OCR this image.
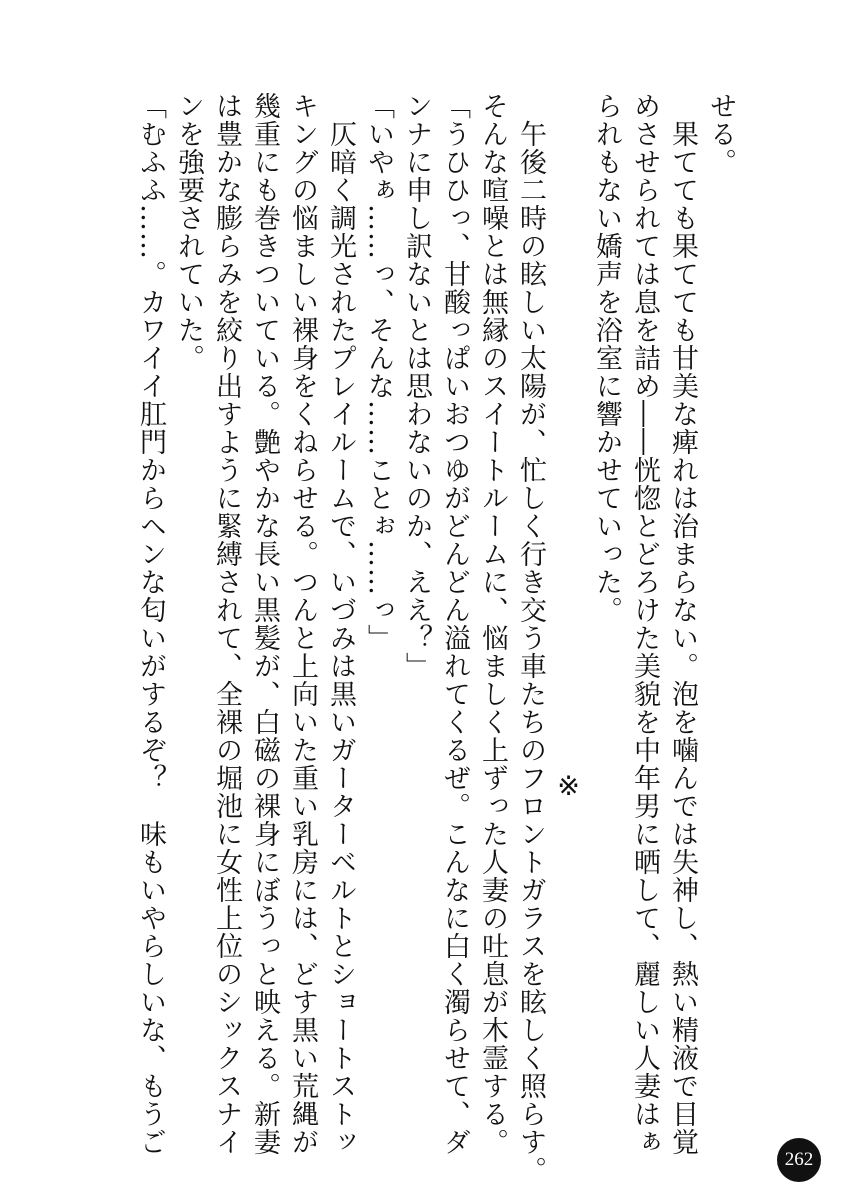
せる。
　果てても果てても甘美な痺れは治まらない。泡を噛んでは失神し、熱い精液で目覚
めさせられては息を詰め――恍惚とどろけた美貌を中年男に晒して、麗しい人妻はぁ
られもない嬌声を浴室に響かせていった。
※
　午後二時の眩しい太陽が、忙しく行き交う車たちのフロントガラスを眩しく照らす。
そんな喧噪とは無縁のスイートルームに、悩ましく上ずった人妻の吐息が木霊する。
「うひひっ、甘酸っぱいおつゆがどんどん溢れてくるぜ。こんなに白く濁らせて、ダ
ンナに申し訳ないとは思わないのか、ええ？」
「いやぁ……っ、そんな……ことぉ……っ」
　仄暗く調光されたプレイルームで、いづみは黒いガーターベルトとショートストッ
キングの悩ましい裸身をくねらせる。つんと上向いた重い乳房には、どす黒い荒縄が
幾重にも巻きついている。艶やかな長い黒髪が、白磁の裸身にぼうっと映える。新妻
は豊かな膨らみを絞り出すように緊縛されて、全裸の堀池に女性上位のシックスナイ
ンを強要されていた。
「むふふ……。カワイイ肛門からヘンな匂いがするぞ？　味もいやらしいな、もうご
262
